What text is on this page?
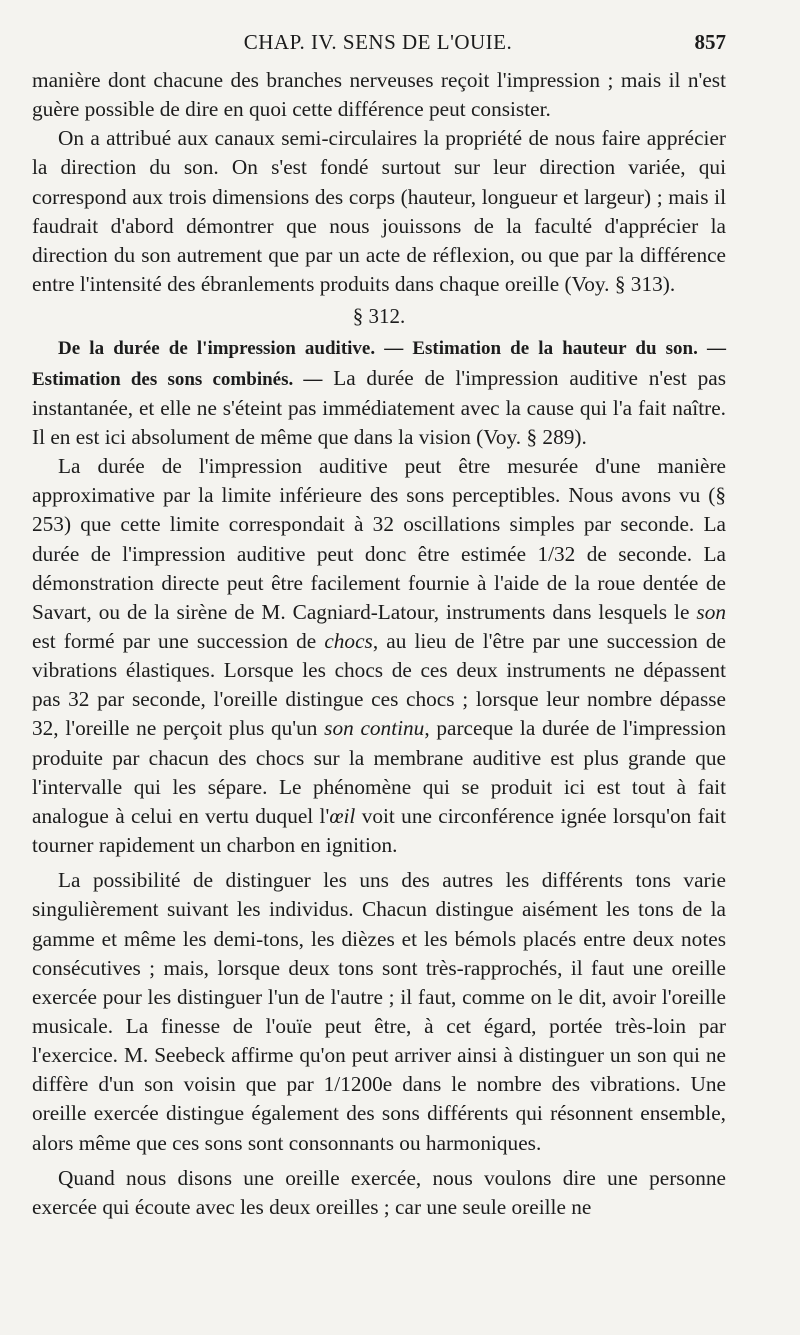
CHAP. IV. SENS DE L'OUIE.	857

manière dont chacune des branches nerveuses reçoit l'impression ; mais il n'est guère possible de dire en quoi cette différence peut consister.

On a attribué aux canaux semi-circulaires la propriété de nous faire apprécier la direction du son. On s'est fondé surtout sur leur direction variée, qui correspond aux trois dimensions des corps (hauteur, longueur et largeur) ; mais il faudrait d'abord démontrer que nous jouissons de la faculté d'apprécier la direction du son autrement que par un acte de réflexion, ou que par la différence entre l'intensité des ébranlements produits dans chaque oreille (Voy. § 313).

§ 312.

De la durée de l'impression auditive. — Estimation de la hauteur du son. — Estimation des sons combinés. — La durée de l'impression auditive n'est pas instantanée, et elle ne s'éteint pas immédiatement avec la cause qui l'a fait naître. Il en est ici absolument de même que dans la vision (Voy. § 289).

La durée de l'impression auditive peut être mesurée d'une manière approximative par la limite inférieure des sons perceptibles. Nous avons vu (§ 253) que cette limite correspondait à 32 oscillations simples par seconde. La durée de l'impression auditive peut donc être estimée 1/32 de seconde. La démonstration directe peut être facilement fournie à l'aide de la roue dentée de Savart, ou de la sirène de M. Cagniard-Latour, instruments dans lesquels le son est formé par une succession de chocs, au lieu de l'être par une succession de vibrations élastiques. Lorsque les chocs de ces deux instruments ne dépassent pas 32 par seconde, l'oreille distingue ces chocs ; lorsque leur nombre dépasse 32, l'oreille ne perçoit plus qu'un son continu, parceque la durée de l'impression produite par chacun des chocs sur la membrane auditive est plus grande que l'intervalle qui les sépare. Le phénomène qui se produit ici est tout à fait analogue à celui en vertu duquel l'œil voit une circonférence ignée lorsqu'on fait tourner rapidement un charbon en ignition.

La possibilité de distinguer les uns des autres les différents tons varie singulièrement suivant les individus. Chacun distingue aisément les tons de la gamme et même les demi-tons, les dièzes et les bémols placés entre deux notes consécutives ; mais, lorsque deux tons sont très-rapprochés, il faut une oreille exercée pour les distinguer l'un de l'autre ; il faut, comme on le dit, avoir l'oreille musicale. La finesse de l'ouïe peut être, à cet égard, portée très-loin par l'exercice. M. Seebeck affirme qu'on peut arriver ainsi à distinguer un son qui ne diffère d'un son voisin que par 1/1200e dans le nombre des vibrations. Une oreille exercée distingue également des sons différents qui résonnent ensemble, alors même que ces sons sont consonnants ou harmoniques.

Quand nous disons une oreille exercée, nous voulons dire une personne exercée qui écoute avec les deux oreilles ; car une seule oreille ne
